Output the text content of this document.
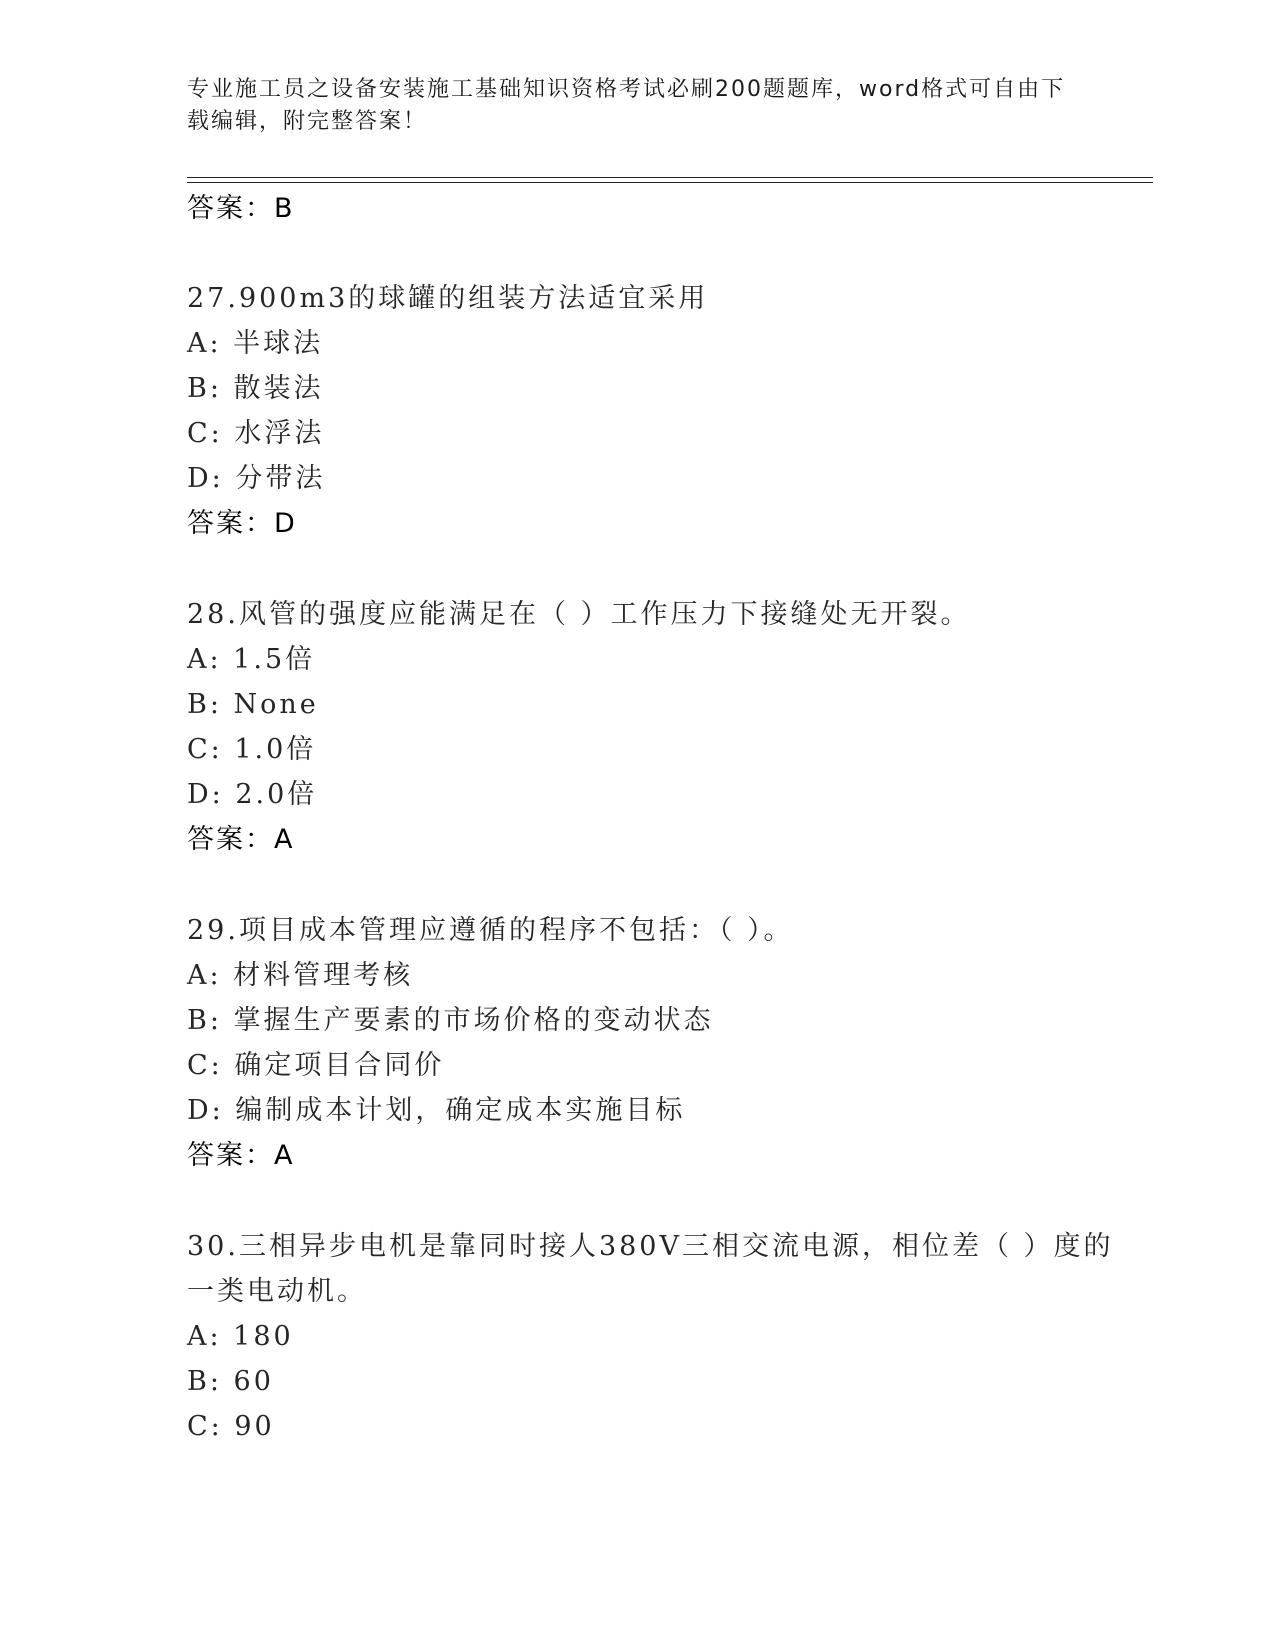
专业施工员之设备安装施工基础知识资格考试必刷200题题库，word格式可自由下载编辑，附完整答案！
答案：B
27.900m3的球罐的组装方法适宜采用
A: 半球法
B: 散装法
C: 水浮法
D: 分带法
答案：D
28.风管的强度应能满足在（ ）工作压力下接缝处无开裂。
A: 1.5倍
B: None
C: 1.0倍
D: 2.0倍
答案：A
29.项目成本管理应遵循的程序不包括：（ ）。
A: 材料管理考核
B: 掌握生产要素的市场价格的变动状态
C: 确定项目合同价
D: 编制成本计划，确定成本实施目标
答案：A
30.三相异步电机是靠同时接人380V三相交流电源，相位差（ ）度的
一类电动机。
A: 180
B: 60
C: 90
